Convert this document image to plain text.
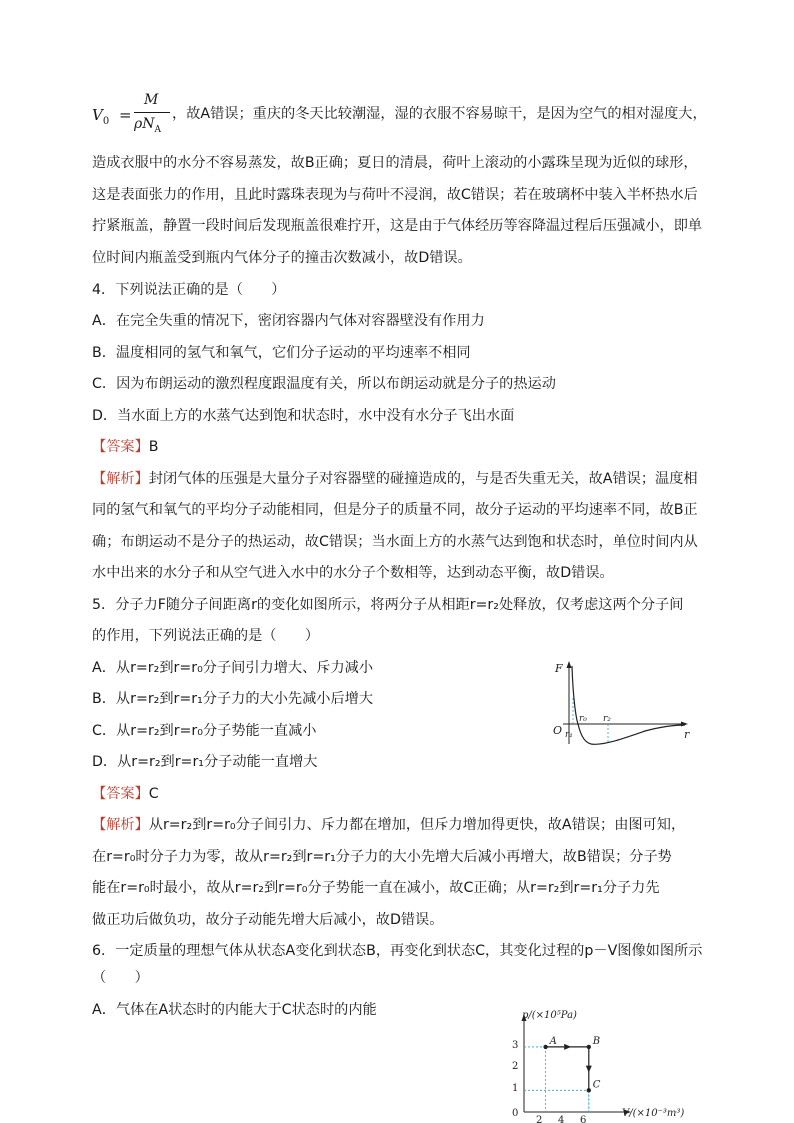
$V_0$ =
M
$\rho N_A$
，故A错误；重庆的冬天比较潮湿，湿的衣服不容易晾干，是因为空气的相对湿度大，
造成衣服中的水分不容易蒸发，故B正确；夏日的清晨，荷叶上滚动的小露珠呈现为近似的球形，
这是表面张力的作用，且此时露珠表现为与荷叶不浸润，故C错误；若在玻璃杯中装入半杯热水后
拧紧瓶盖，静置一段时间后发现瓶盖很难拧开，这是由于气体经历等容降温过程后压强减小，即单
位时间内瓶盖受到瓶内气体分子的撞击次数减小，故D错误。
4．下列说法正确的是（　　）
A．在完全失重的情况下，密闭容器内气体对容器壁没有作用力
B．温度相同的氢气和氧气，它们分子运动的平均速率不相同
C．因为布朗运动的激烈程度跟温度有关，所以布朗运动就是分子的热运动
D．当水面上方的水蒸气达到饱和状态时，水中没有水分子飞出水面
【答案】B
【解析】封闭气体的压强是大量分子对容器壁的碰撞造成的，与是否失重无关，故A错误；温度相
同的氢气和氧气的平均分子动能相同，但是分子的质量不同，故分子运动的平均速率不同，故B正
确；布朗运动不是分子的热运动，故C错误；当水面上方的水蒸气达到饱和状态时，单位时间内从
水中出来的水分子和从空气进入水中的水分子个数相等，达到动态平衡，故D错误。
5．分子力F随分子间距离r的变化如图所示，将两分子从相距r=r₂处释放，仅考虑这两个分子间
的作用，下列说法正确的是（　　）
A．从r=r₂到r=r₀分子间引力增大、斥力减小
B．从r=r₂到r=r₁分子力的大小先减小后增大
C．从r=r₂到r=r₀分子势能一直减小
D．从r=r₂到r=r₁分子动能一直增大
F
r
O
r₀ r₂
r₁
【答案】C
【解析】从r=r₂到r=r₀分子间引力、斥力都在增加，但斥力增加得更快，故A错误；由图可知，
在r=r₀时分子力为零，故从r=r₂到r=r₁分子力的大小先增大后减小再增大，故B错误；分子势
能在r=r₀时最小，故从r=r₂到r=r₀分子势能一直在减小，故C正确；从r=r₂到r=r₁分子力先
做正功后做负功，故分子动能先增大后减小，故D错误。
6．一定质量的理想气体从状态A变化到状态B，再变化到状态C，其变化过程的p－V图像如图所示
（　　）
A．气体在A状态时的内能大于C状态时的内能	p/(×10⁵Pa)
V/(×10⁻³m³)
3
2
1
0
2 4 6
A	B
C
